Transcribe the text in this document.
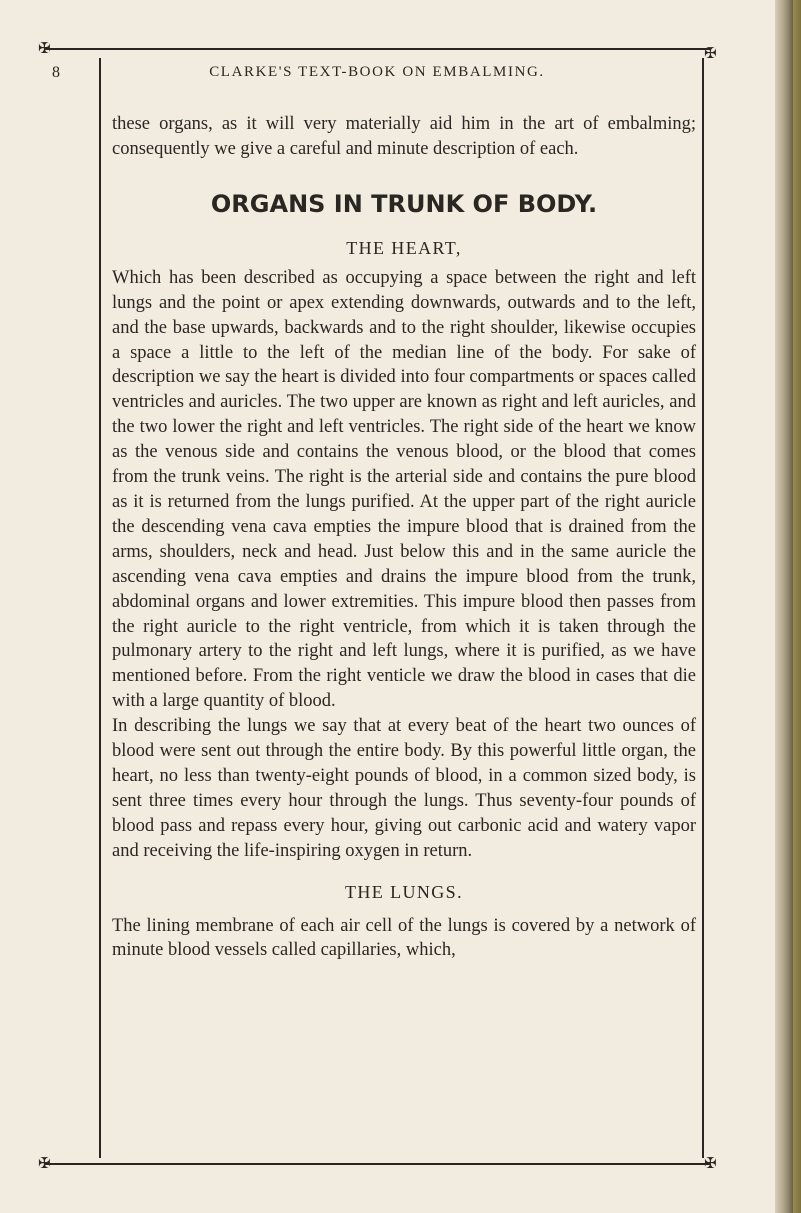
✠	✠
✠	✠
8	CLARKE'S TEXT-BOOK ON EMBALMING.

these organs, as it will very materially aid him in the art of embalming; consequently we give a careful and minute description of each.

ORGANS IN TRUNK OF BODY.
THE HEART,

Which has been described as occupying a space between the right and left lungs and the point or apex extending downwards, outwards and to the left, and the base upwards, backwards and to the right shoulder, likewise occupies a space a little to the left of the median line of the body. For sake of description we say the heart is divided into four compartments or spaces called ventricles and auricles. The two upper are known as right and left auricles, and the two lower the right and left ventricles. The right side of the heart we know as the venous side and contains the venous blood, or the blood that comes from the trunk veins. The right is the arterial side and contains the pure blood as it is returned from the lungs purified. At the upper part of the right auricle the descending vena cava empties the impure blood that is drained from the arms, shoulders, neck and head. Just below this and in the same auricle the ascending vena cava empties and drains the impure blood from the trunk, abdominal organs and lower extremities. This impure blood then passes from the right auricle to the right ventricle, from which it is taken through the pulmonary artery to the right and left lungs, where it is purified, as we have mentioned before. From the right venticle we draw the blood in cases that die with a large quantity of blood.

In describing the lungs we say that at every beat of the heart two ounces of blood were sent out through the entire body. By this powerful little organ, the heart, no less than twenty-eight pounds of blood, in a common sized body, is sent three times every hour through the lungs. Thus seventy-four pounds of blood pass and repass every hour, giving out carbonic acid and watery vapor and receiving the life-inspiring oxygen in return.

THE LUNGS.

The lining membrane of each air cell of the lungs is covered by a network of minute blood vessels called capillaries, which,
